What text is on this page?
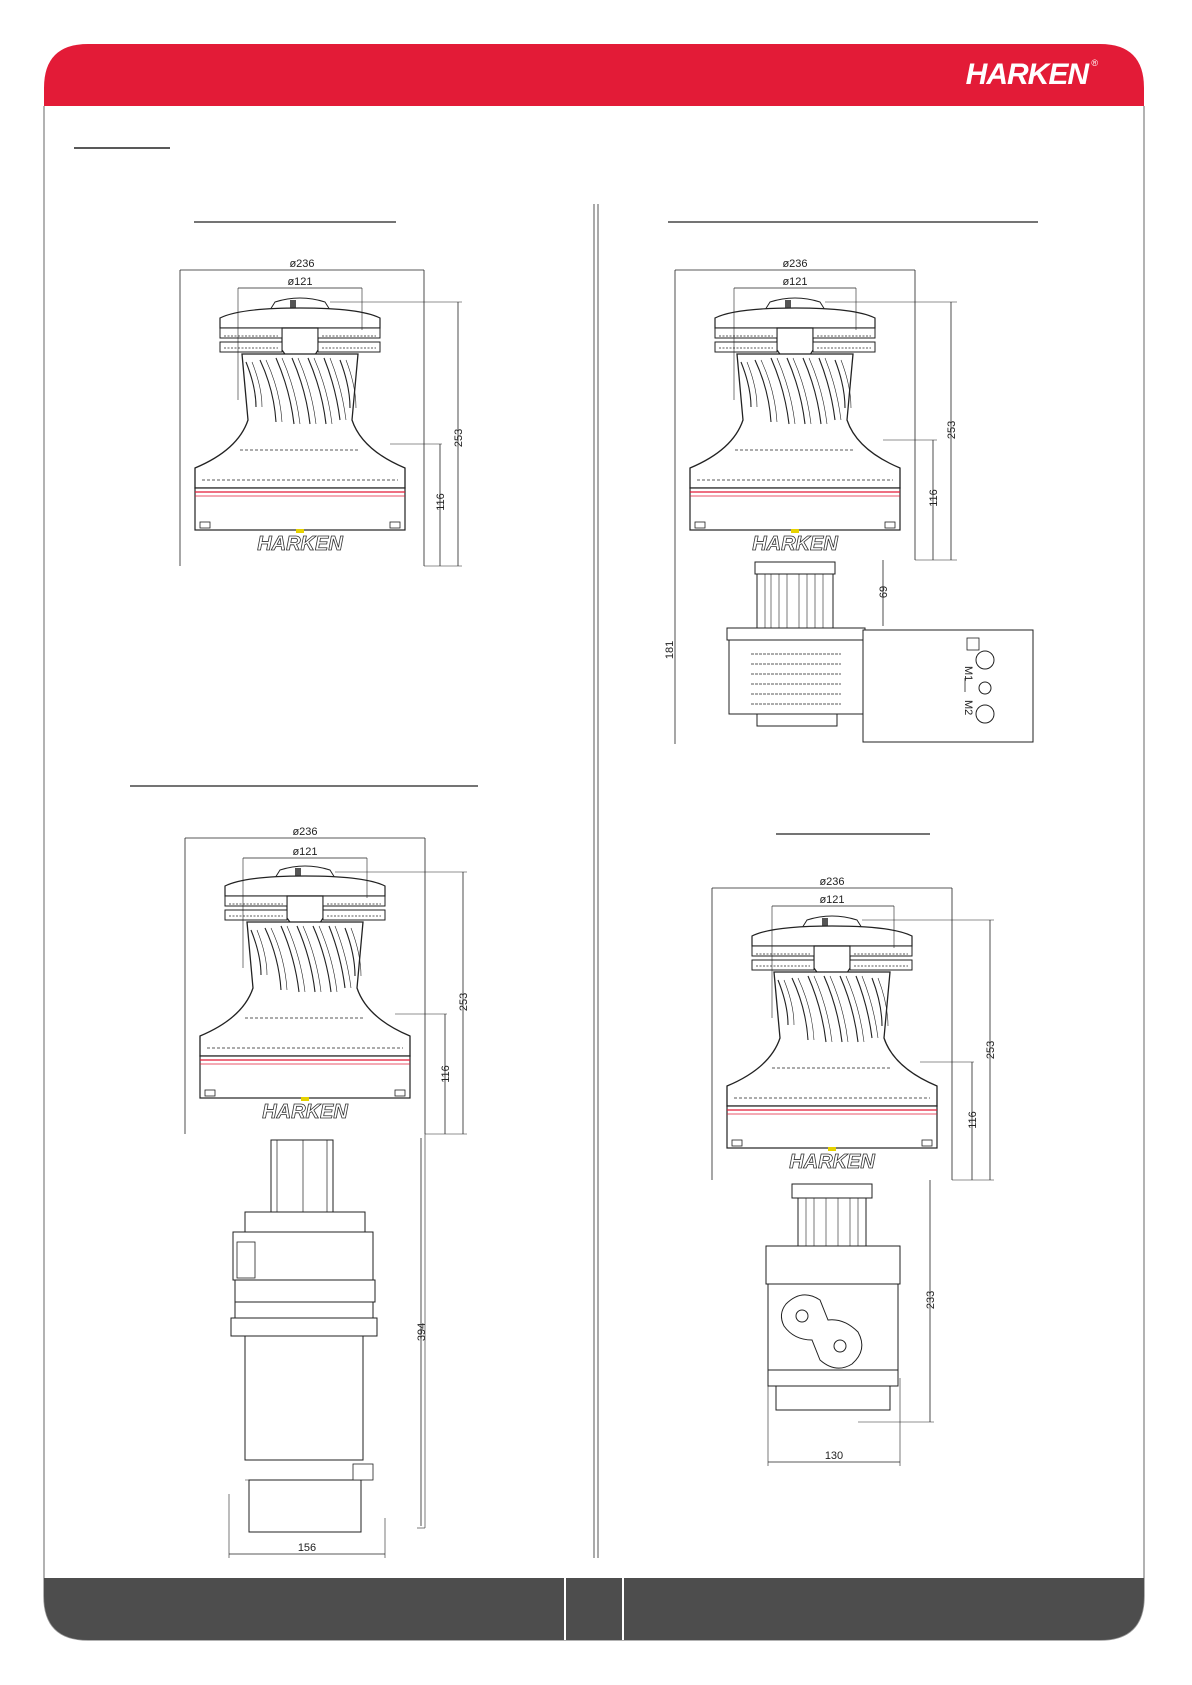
HARKEN ®
HARKEN
ø236
ø121
253
116
HARKEN
ø236
ø121
253
116
M1
M2
181
69
HARKEN
ø236
ø121
253
116
394
156
HARKEN
ø236
ø121
253
116
233
130
